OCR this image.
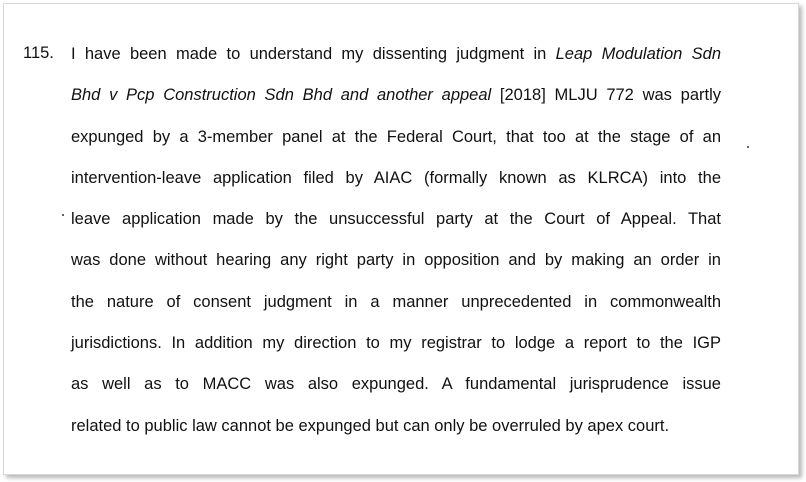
115. I have been made to understand my dissenting judgment in Leap Modulation Sdn
Bhd v Pcp Construction Sdn Bhd and another appeal [2018] MLJU 772 was partly
expunged by a 3-member panel at the Federal Court, that too at the stage of an
intervention-leave application filed by AIAC (formally known as KLRCA) into the
leave application made by the unsuccessful party at the Court of Appeal. That
was done without hearing any right party in opposition and by making an order in
the nature of consent judgment in a manner unprecedented in commonwealth
jurisdictions. In addition my direction to my registrar to lodge a report to the IGP
as well as to MACC was also expunged. A fundamental jurisprudence issue
related to public law cannot be expunged but can only be overruled by apex court.
